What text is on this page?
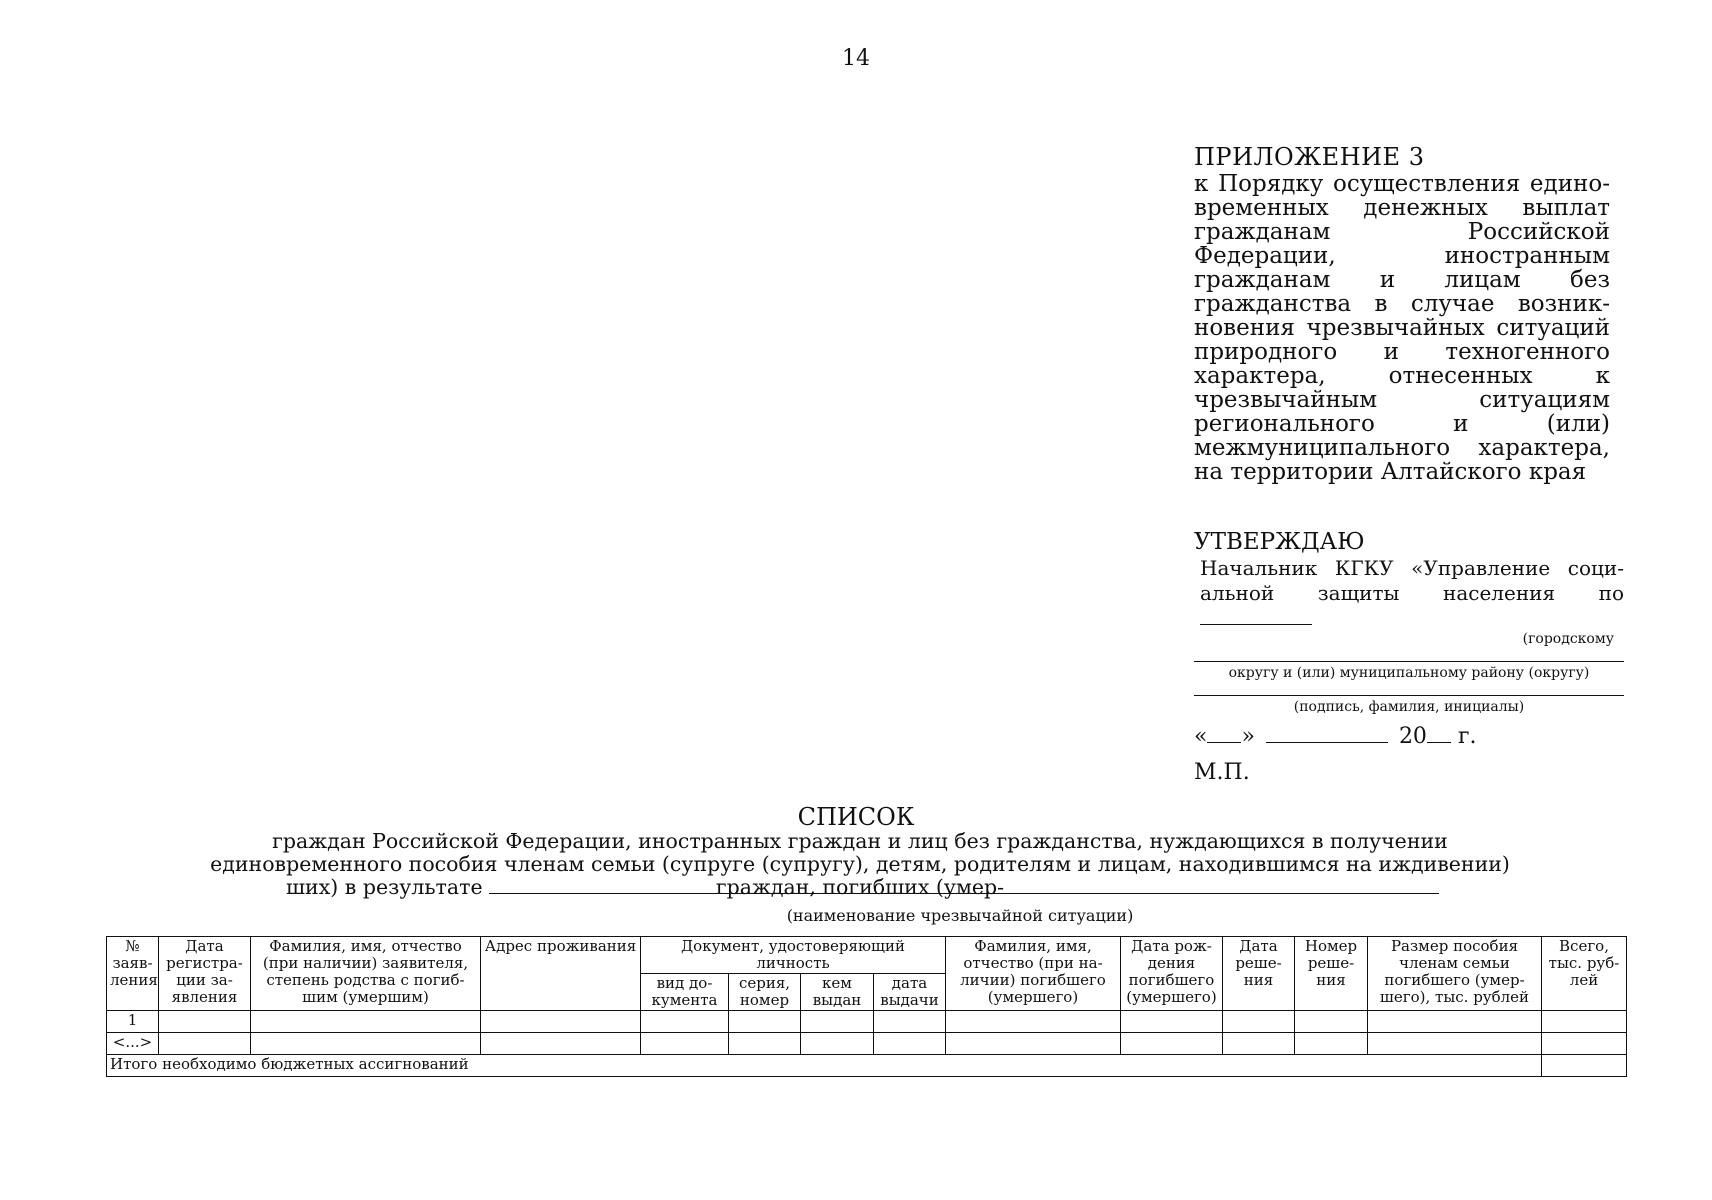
14
ПРИЛОЖЕНИЕ 3
к Порядку осуществления единовременных денежных выплат гражданам Российской Федерации, иностранным гражданам и лицам без гражданства в случае возникновения чрезвычайных ситуаций природного и техногенного характера, отнесенных к чрезвычайным ситуациям регионального и (или) межмуниципального характера, на территории Алтайского края
УТВЕРЖДАЮ
Начальник КГКУ «Управление социальной защиты населения по
(городскому
округу и (или) муниципальному району (округу)
(подпись, фамилия, инициалы)
« »	20 г.
М.П.
СПИСОК
граждан Российской Федерации, иностранных граждан и лиц без гражданства, нуждающихся в получении единовременного пособия членам семьи (супруге (супругу), детям, родителям и лицам, находившимся на иждивении) граждан, погибших (умер-
ших) в результате
(наименование чрезвычайной ситуации)
№ заяв-ления	Дата регистра-ции за-явления	Фамилия, имя, отчество (при наличии) заявителя, степень родства с погиб-шим (умершим)	Адрес проживания	Документ, удостоверяющий личность				Фамилия, имя, отчество (при на-личии) погибшего (умершего)	Дата рож-дения погибшего (умершего)	Дата реше-ния	Номер реше-ния	Размер пособия членам семьи погибшего (умер-шего), тыс. рублей	Всего, тыс. руб-лей
				вид до-кумента	серия, номер	кем выдан	дата выдачи						
1													
<...>													
Итого необходимо бюджетных ассигнований													
